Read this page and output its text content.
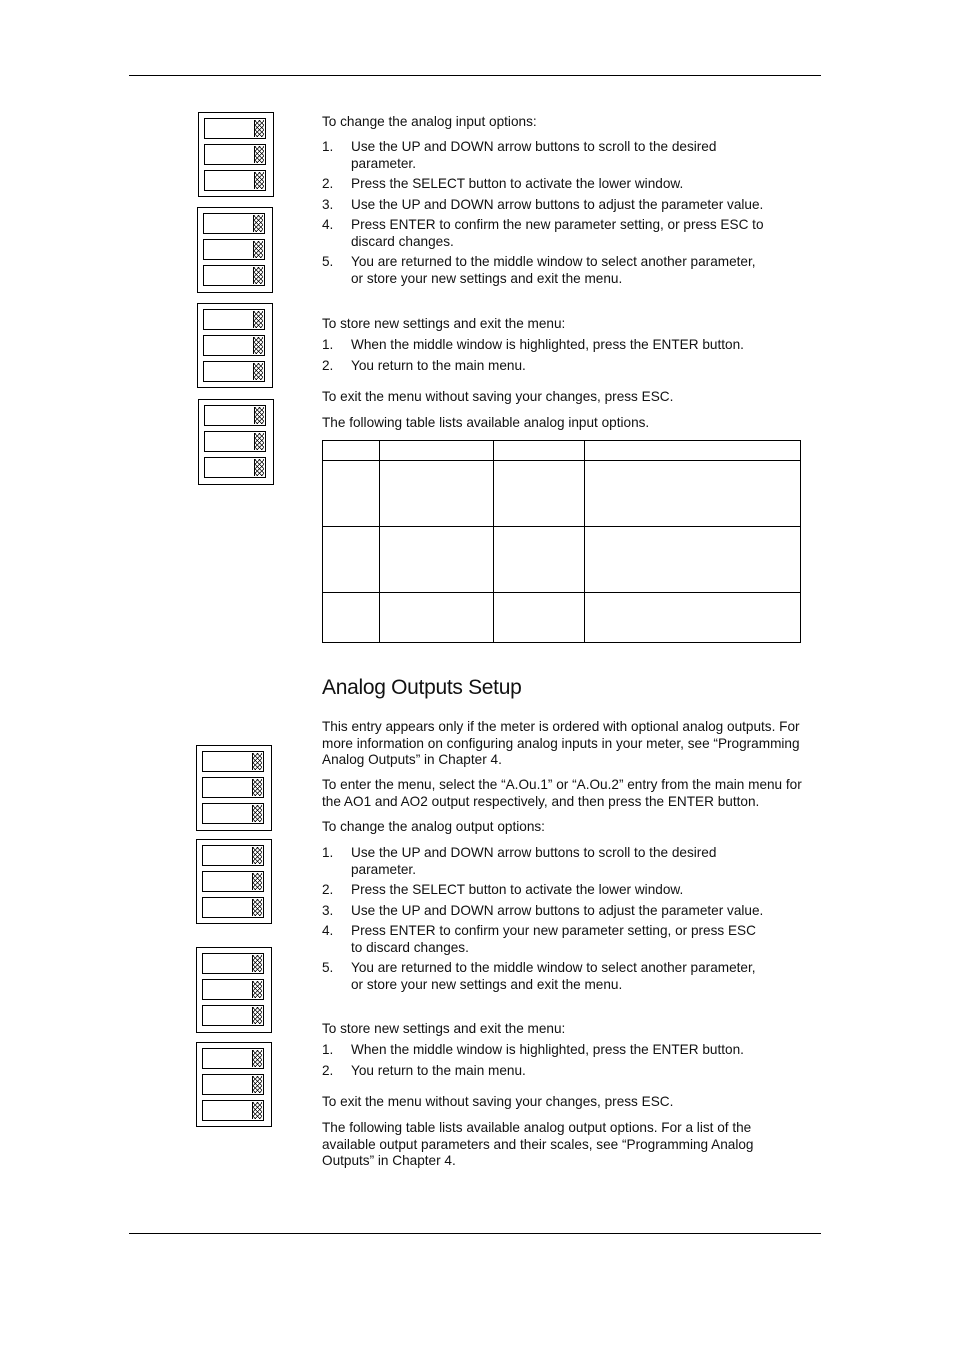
To change the analog input options:

1. Use the UP and DOWN arrow buttons to scroll to the desired parameter.
2. Press the SELECT button to activate the lower window.
3. Use the UP and DOWN arrow buttons to adjust the parameter value.
4. Press ENTER to confirm the new parameter setting, or press ESC to discard changes.
5. You are returned to the middle window to select another parameter, or store your new settings and exit the menu.

To store new settings and exit the menu:

1. When the middle window is highlighted, press the ENTER button.
2. You return to the main menu.

To exit the menu without saving your changes, press ESC.

The following table lists available analog input options.

Analog Outputs Setup

This entry appears only if the meter is ordered with optional analog outputs. For more information on configuring analog inputs in your meter, see “Programming Analog Outputs” in Chapter 4.

To enter the menu, select the “A.Ou.1” or “A.Ou.2” entry from the main menu for the AO1 and AO2 output respectively, and then press the ENTER button.

To change the analog output options:

1. Use the UP and DOWN arrow buttons to scroll to the desired parameter.
2. Press the SELECT button to activate the lower window.
3. Use the UP and DOWN arrow buttons to adjust the parameter value.
4. Press ENTER to confirm your new parameter setting, or press ESC to discard changes.
5. You are returned to the middle window to select another parameter, or store your new settings and exit the menu.

To store new settings and exit the menu:

1. When the middle window is highlighted, press the ENTER button.
2. You return to the main menu.

To exit the menu without saving your changes, press ESC.

The following table lists available analog output options. For a list of the available output parameters and their scales, see “Programming Analog Outputs” in Chapter 4.
